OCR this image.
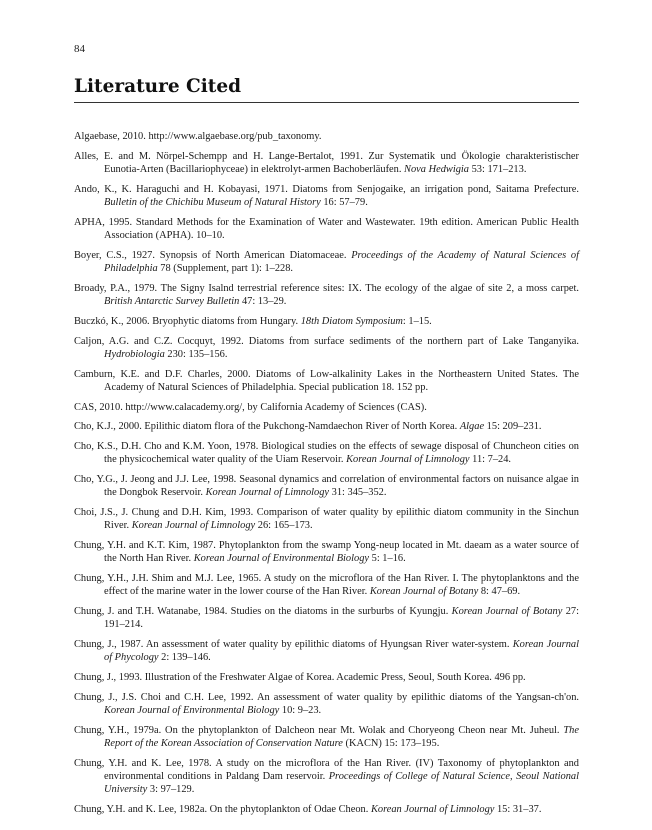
84
Literature Cited
Algaebase, 2010. http://www.algaebase.org/pub_taxonomy.
Alles, E. and M. Nörpel-Schempp and H. Lange-Bertalot, 1991. Zur Systematik und Ökologie charakteristischer Eunotia-Arten (Bacillariophyceae) in elektrolyt-armen Bachoberläufen. Nova Hedwigia 53: 171–213.
Ando, K., K. Haraguchi and H. Kobayasi, 1971. Diatoms from Senjogaike, an irrigation pond, Saitama Prefecture. Bulletin of the Chichibu Museum of Natural History 16: 57–79.
APHA, 1995. Standard Methods for the Examination of Water and Wastewater. 19th edition. American Public Health Association (APHA). 10–10.
Boyer, C.S., 1927. Synopsis of North American Diatomaceae. Proceedings of the Academy of Natural Sciences of Philadelphia 78 (Supplement, part 1): 1–228.
Broady, P.A., 1979. The Signy Isalnd terrestrial reference sites: IX. The ecology of the algae of site 2, a moss carpet. British Antarctic Survey Bulletin 47: 13–29.
Buczkó, K., 2006. Bryophytic diatoms from Hungary. 18th Diatom Symposium: 1–15.
Caljon, A.G. and C.Z. Cocquyt, 1992. Diatoms from surface sediments of the northern part of Lake Tanganyika. Hydrobiologia 230: 135–156.
Camburn, K.E. and D.F. Charles, 2000. Diatoms of Low-alkalinity Lakes in the Northeastern United States. The Academy of Natural Sciences of Philadelphia. Special publication 18. 152 pp.
CAS, 2010. http://www.calacademy.org/, by California Academy of Sciences (CAS).
Cho, K.J., 2000. Epilithic diatom flora of the Pukchong-Namdaechon River of North Korea. Algae 15: 209–231.
Cho, K.S., D.H. Cho and K.M. Yoon, 1978. Biological studies on the effects of sewage disposal of Chuncheon cities on the physicochemical water quality of the Uiam Reservoir. Korean Journal of Limnology 11: 7–24.
Cho, Y.G., J. Jeong and J.J. Lee, 1998. Seasonal dynamics and correlation of environmental factors on nuisance algae in the Dongbok Reservoir. Korean Journal of Limnology 31: 345–352.
Choi, J.S., J. Chung and D.H. Kim, 1993. Comparison of water quality by epilithic diatom community in the Sinchun River. Korean Journal of Limnology 26: 165–173.
Chung, Y.H. and K.T. Kim, 1987. Phytoplankton from the swamp Yong-neup located in Mt. daeam as a water source of the North Han River. Korean Journal of Environmental Biology 5: 1–16.
Chung, Y.H., J.H. Shim and M.J. Lee, 1965. A study on the microflora of the Han River. I. The phytoplanktons and the effect of the marine water in the lower course of the Han River. Korean Journal of Botany 8: 47–69.
Chung, J. and T.H. Watanabe, 1984. Studies on the diatoms in the surburbs of Kyungju. Korean Journal of Botany 27: 191–214.
Chung, J., 1987. An assessment of water quality by epilithic diatoms of Hyungsan River water-system. Korean Journal of Phycology 2: 139–146.
Chung, J., 1993. Illustration of the Freshwater Algae of Korea. Academic Press, Seoul, South Korea. 496 pp.
Chung, J., J.S. Choi and C.H. Lee, 1992. An assessment of water quality by epilithic diatoms of the Yangsan-ch'on. Korean Journal of Environmental Biology 10: 9–23.
Chung, Y.H., 1979a. On the phytoplankton of Dalcheon near Mt. Wolak and Choryeong Cheon near Mt. Juheul. The Report of the Korean Association of Conservation Nature (KACN) 15: 173–195.
Chung, Y.H. and K. Lee, 1978. A study on the microflora of the Han River. (IV) Taxonomy of phytoplankton and environmental conditions in Paldang Dam reservoir. Proceedings of College of Natural Science, Seoul National University 3: 97–129.
Chung, Y.H. and K. Lee, 1982a. On the phytoplankton of Odae Cheon. Korean Journal of Limnology 15: 31–37.
